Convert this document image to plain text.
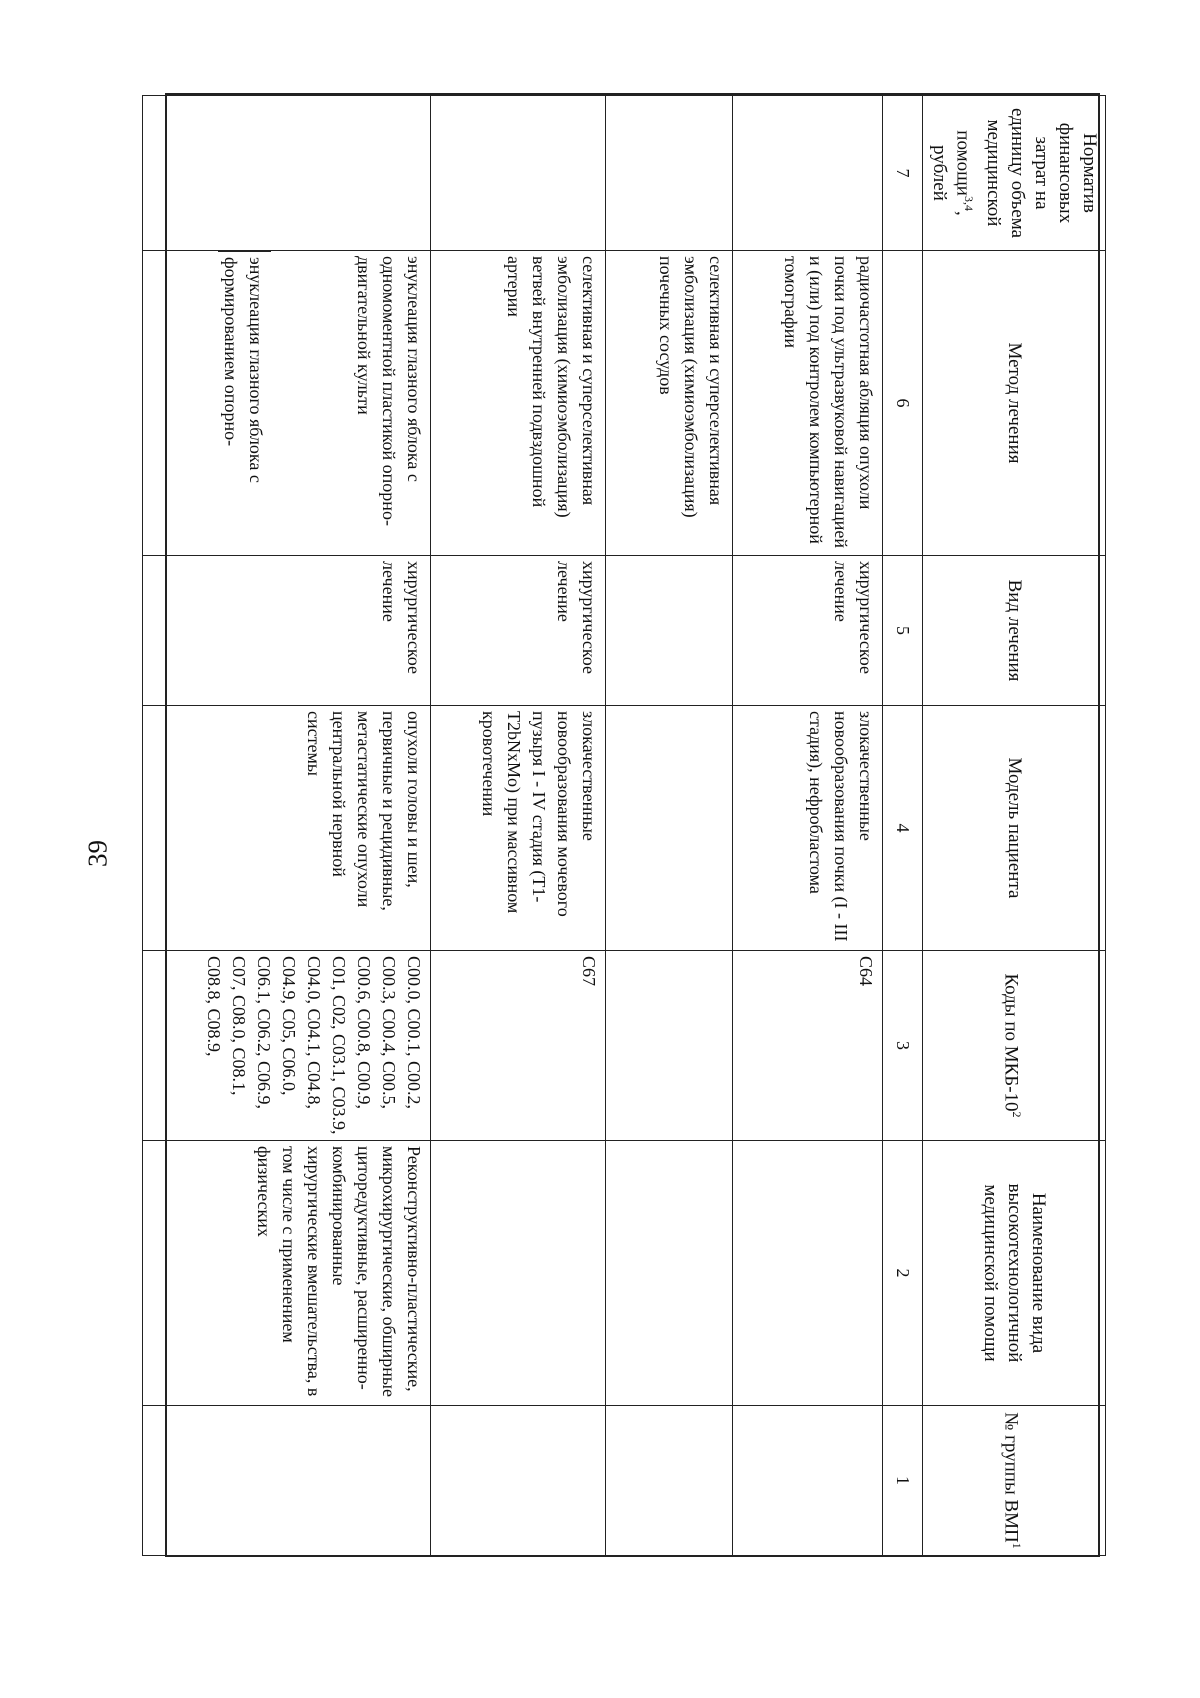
39
Норматив финансовых затрат на единицу объема медицинской помощи$^{3,4}$, рублей	Метод лечения	Вид лечения	Модель пациента	Коды по МКБ-$10^2$	Наименование вида высокотехнологичной медицинской помощи	№ группы ВМП$^1$
7	6	5	4	3	2	1
	радиочастотная абляция опухоли почки под ультразвуковой навигацией и (или) под контролем компьютерной томографии	хирургическое лечение	злокачественные новообразования почки (I - III стадия), нефробластома	C64		
	селективная и суперселективная эмболизация (химиоэмболизация) почечных сосудов					
	селективная и суперселективная эмболизация (химиоэмболизация) ветвей внутренней подвздошной артерии	хирургическое лечение	злокачественные новообразования мочевого пузыря I - IV стадия (T1-T2bNxMo) при массивном кровотечении	C67		

	энуклеация глазного яблока с одномоментной пластикой опорно-двигательной культи
энуклеация глазного яблока с формированием опорно-	хирургическое лечение	опухоли головы и шеи, первичные и рецидивные, метастатические опухоли центральной нервной системы	C00.0, C00.1, C00.2, C00.3, C00.4, C00.5, C00.6, C00.8, C00.9, C01, C02, C03.1, C03.9, C04.0, C04.1, C04.8, C04.9, C05, C06.0, C06.1, C06.2, C06.9, C07, C08.0, C08.1, C08.8, C08.9,	Реконструктивно-пластические, микрохирургические, обширные циторедуктивные, расширенно-комбинированные хирургические вмешательства, в том числе с применением физических	
